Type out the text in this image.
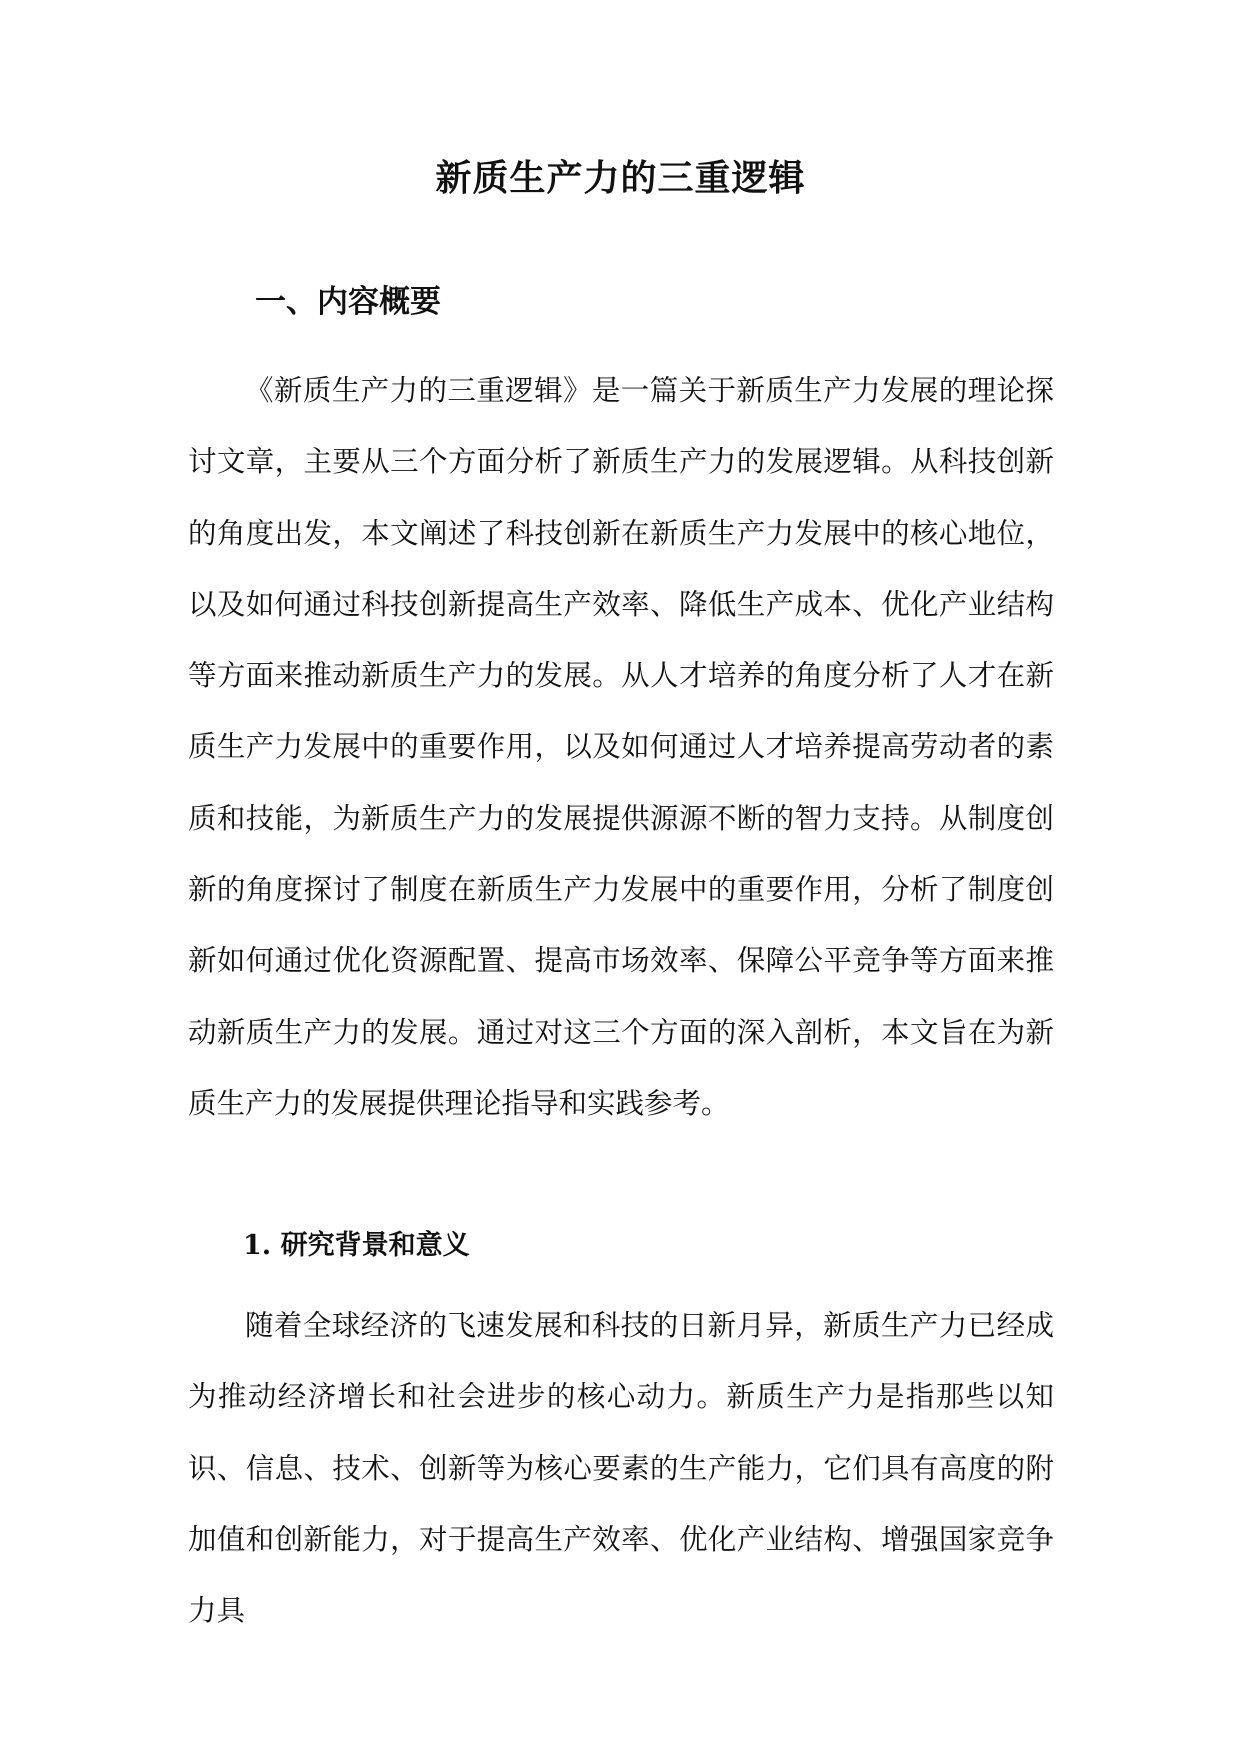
新质生产力的三重逻辑
一、内容概要

《新质生产力的三重逻辑》是一篇关于新质生产力发展的理论探讨文章，主要从三个方面分析了新质生产力的发展逻辑。从科技创新的角度出发，本文阐述了科技创新在新质生产力发展中的核心地位，以及如何通过科技创新提高生产效率、降低生产成本、优化产业结构等方面来推动新质生产力的发展。从人才培养的角度分析了人才在新质生产力发展中的重要作用，以及如何通过人才培养提高劳动者的素质和技能，为新质生产力的发展提供源源不断的智力支持。从制度创新的角度探讨了制度在新质生产力发展中的重要作用，分析了制度创新如何通过优化资源配置、提高市场效率、保障公平竞争等方面来推动新质生产力的发展。通过对这三个方面的深入剖析，本文旨在为新质生产力的发展提供理论指导和实践参考。

1. 研究背景和意义

随着全球经济的飞速发展和科技的日新月异，新质生产力已经成为推动经济增长和社会进步的核心动力。新质生产力是指那些以知识、信息、技术、创新等为核心要素的生产能力，它们具有高度的附加值和创新能力，对于提高生产效率、优化产业结构、增强国家竞争力具
